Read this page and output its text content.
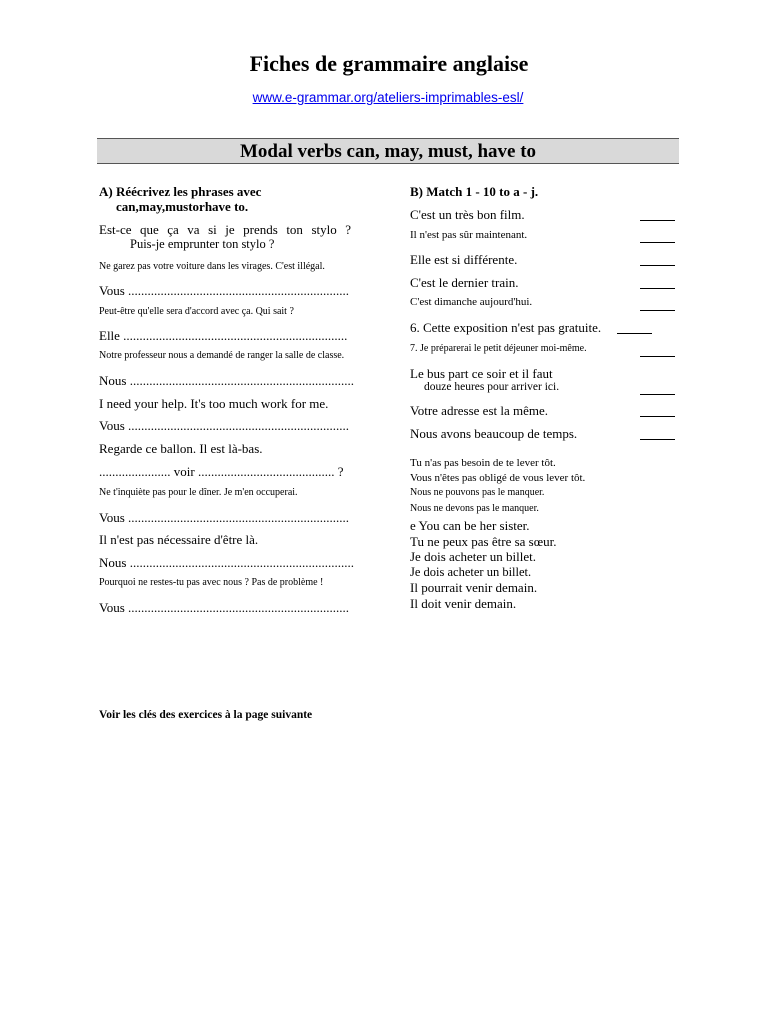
Fiches de grammaire anglaise
www.e-grammar.org/ateliers-imprimables-esl/
Modal verbs can, may, must, have to
A) Réécrivez les phrases avec
can,may,mustorhave to.
Est-ce que ça va si je prends ton stylo ?
Puis-je emprunter ton stylo ?
Ne garez pas votre voiture dans les virages. C'est illégal.
Vous ....................................................................
Peut-être qu'elle sera d'accord avec ça. Qui sait ?
Elle .....................................................................
Notre professeur nous a demandé de ranger la salle de classe.
Nous .....................................................................
I need your help. It's too much work for me.
Vous ....................................................................
Regarde ce ballon. Il est là-bas.
...................... voir .......................................... ?
Ne t'inquiète pas pour le dîner. Je m'en occuperai.
Vous ....................................................................
Il n'est pas nécessaire d'être là.
Nous .....................................................................
Pourquoi ne restes-tu pas avec nous ? Pas de problème !
Vous ....................................................................
Voir les clés des exercices à la page suivante
B) Match 1 - 10 to a - j.
C'est un très bon film.
Il n'est pas sûr maintenant.
Elle est si différente.
C'est le dernier train.
C'est dimanche aujourd'hui.
6. Cette exposition n'est pas gratuite.
7. Je préparerai le petit déjeuner moi-même.
Le bus part ce soir et il faut
douze heures pour arriver ici.
Votre adresse est la même.
Nous avons beaucoup de temps.
Tu n'as pas besoin de te lever tôt.
Vous n'êtes pas obligé de vous lever tôt.
Nous ne pouvons pas le manquer.
Nous ne devons pas le manquer.
e You can be her sister.
Tu ne peux pas être sa sœur.
Je dois acheter un billet.
Je dois acheter un billet.
Il pourrait venir demain.
Il doit venir demain.
